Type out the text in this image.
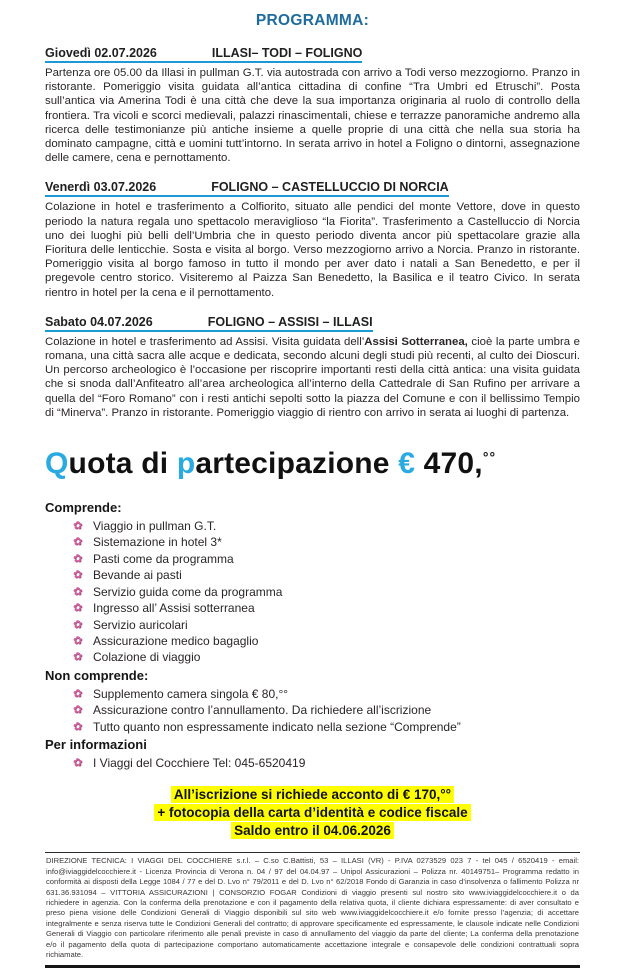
PROGRAMMA:
Giovedì 02.07.2026	ILLASI– TODI – FOLIGNO

Partenza ore 05.00 da Illasi in pullman G.T. via autostrada con arrivo a Todi verso mezzogiorno. Pranzo in ristorante. Pomeriggio visita guidata all’antica cittadina di confine “Tra Umbri ed Etruschi”. Posta sull’antica via Amerina Todi è una città che deve la sua importanza originaria al ruolo di controllo della frontiera. Tra vicoli e scorci medievali, palazzi rinascimentali, chiese e terrazze panoramiche andremo alla ricerca delle testimonianze più antiche insieme a quelle proprie di una città che nella sua storia ha dominato campagne, città e uomini tutt’intorno. In serata arrivo in hotel a Foligno o dintorni, assegnazione delle camere, cena e pernottamento.

Venerdì 03.07.2026	FOLIGNO – CASTELLUCCIO DI NORCIA

Colazione in hotel e trasferimento a Colfiorito, situato alle pendici del monte Vettore, dove in questo periodo la natura regala uno spettacolo meraviglioso “la Fiorita”. Trasferimento a Castelluccio di Norcia uno dei luoghi più belli dell’Umbria che in questo periodo diventa ancor più spettacolare grazie alla Fioritura delle lenticchie. Sosta e visita al borgo. Verso mezzogiorno arrivo a Norcia. Pranzo in ristorante. Pomeriggio visita al borgo famoso in tutto il mondo per aver dato i natali a San Benedetto, e per il pregevole centro storico. Visiteremo al Paizza San Benedetto, la Basilica e il teatro Civico. In serata rientro in hotel per la cena e il pernottamento.

Sabato 04.07.2026	FOLIGNO – ASSISI – ILLASI

Colazione in hotel e trasferimento ad Assisi. Visita guidata dell’Assisi Sotterranea, cioè la parte umbra e romana, una città sacra alle acque e dedicata, secondo alcuni degli studi più recenti, al culto dei Dioscuri. Un percorso archeologico è l’occasione per riscoprire importanti resti della città antica: una visita guidata che si snoda dall’Anfiteatro all’area archeologica all’interno della Cattedrale di San Rufino per arrivare a quella del “Foro Romano” con i resti antichi sepolti sotto la piazza del Comune e con il bellissimo Tempio di “Minerva”. Pranzo in ristorante. Pomeriggio viaggio di rientro con arrivo in serata ai luoghi di partenza.

Quota di partecipazione € 470,°°
Comprende:
✿ Viaggio in pullman G.T.
✿ Sistemazione in hotel 3*
✿ Pasti come da programma
✿ Bevande ai pasti
✿ Servizio guida come da programma
✿ Ingresso all’ Assisi sotterranea
✿ Servizio auricolari
✿ Assicurazione medico bagaglio
✿ Colazione di viaggio
Non comprende:
✿ Supplemento camera singola € 80,°°
✿ Assicurazione contro l’annullamento. Da richiedere all’iscrizione
✿ Tutto quanto non espressamente indicato nella sezione “Comprende”
Per informazioni
✿ I Viaggi del Cocchiere Tel: 045-6520419
All’iscrizione si richiede acconto di € 170,°°
+ fotocopia della carta d’identità e codice fiscale
Saldo entro il 04.06.2026

DIREZIONE TECNICA: I VIAGGI DEL COCCHIERE s.r.l. – C.so C.Battisti, 53 – ILLASI (VR) - P.IVA 0273529 023 7 - tel 045 / 6520419 - email: info@iviaggidelcocchiere.it - Licenza Provincia di Verona n. 04 / 97 del 04.04.97 – Unipol Assicurazioni – Polizza nr. 40149751– Programma redatto in conformità ai disposti della Legge 1084 / 77 e del D. Lvo n° 79/2011 e del D. Lvo n° 62/2018 Fondo di Garanzia in caso d’insolvenza o fallimento Polizza nr 631.36.931094 – VITTORIA ASSICURAZIONI | CONSORZIO FOGAR Condizioni di viaggio presenti sul nostro sito www.iviaggidelcocchiere.it o da richiedere in agenzia. Con la conferma della prenotazione e con il pagamento della relativa quota, il cliente dichiara espressamente: di aver consultato e preso piena visione delle Condizioni Generali di Viaggio disponibili sul sito web www.iviaggidelcocchiere.it e/o fornite presso l’agenzia; di accettare integralmente e senza riserva tutte le Condizioni Generali del contratto; di approvare specificamente ed espressamente, le clausole indicate nelle Condizioni Generali di Viaggio con particolare riferimento alle penali previste in caso di annullamento del viaggio da parte del cliente; La conferma della prenotazione e/o il pagamento della quota di partecipazione comportano automaticamente accettazione integrale e consapevole delle condizioni contrattuali sopra richiamate.
